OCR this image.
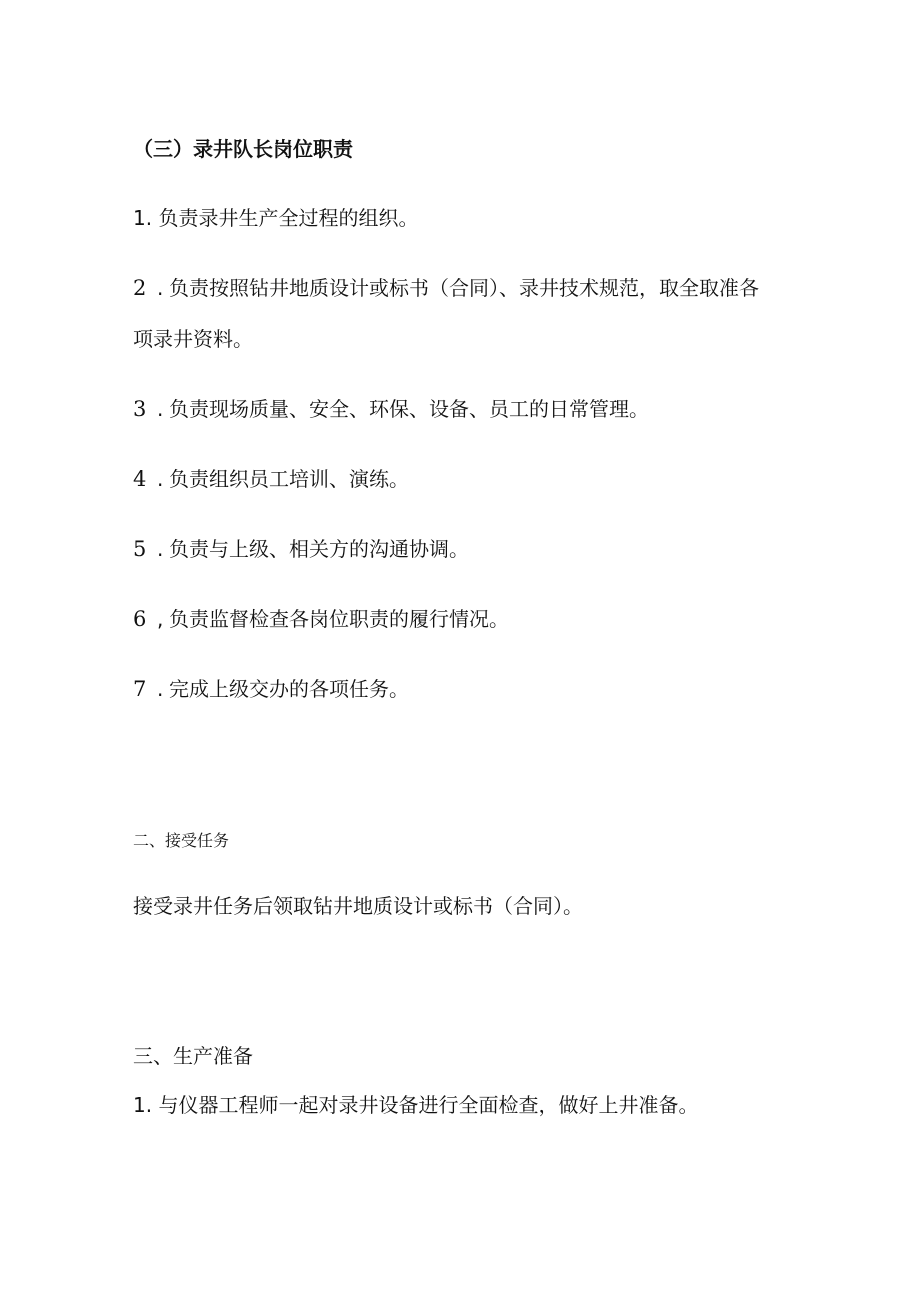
（三）录井队长岗位职责
1. 负责录井生产全过程的组织。
2 . 负责按照钻井地质设计或标书（合同）、录井技术规范，取全取准各
项录井资料。
3 . 负责现场质量、安全、环保、设备、员工的日常管理。
4 . 负责组织员工培训、演练。
5 . 负责与上级、相关方的沟通协调。
6 , 负责监督检查各岗位职责的履行情况。
7 . 完成上级交办的各项任务。
二、接受任务
接受录井任务后领取钻井地质设计或标书（合同）。
三、生产准备
1. 与仪器工程师一起对录井设备进行全面检查，做好上井准备。
